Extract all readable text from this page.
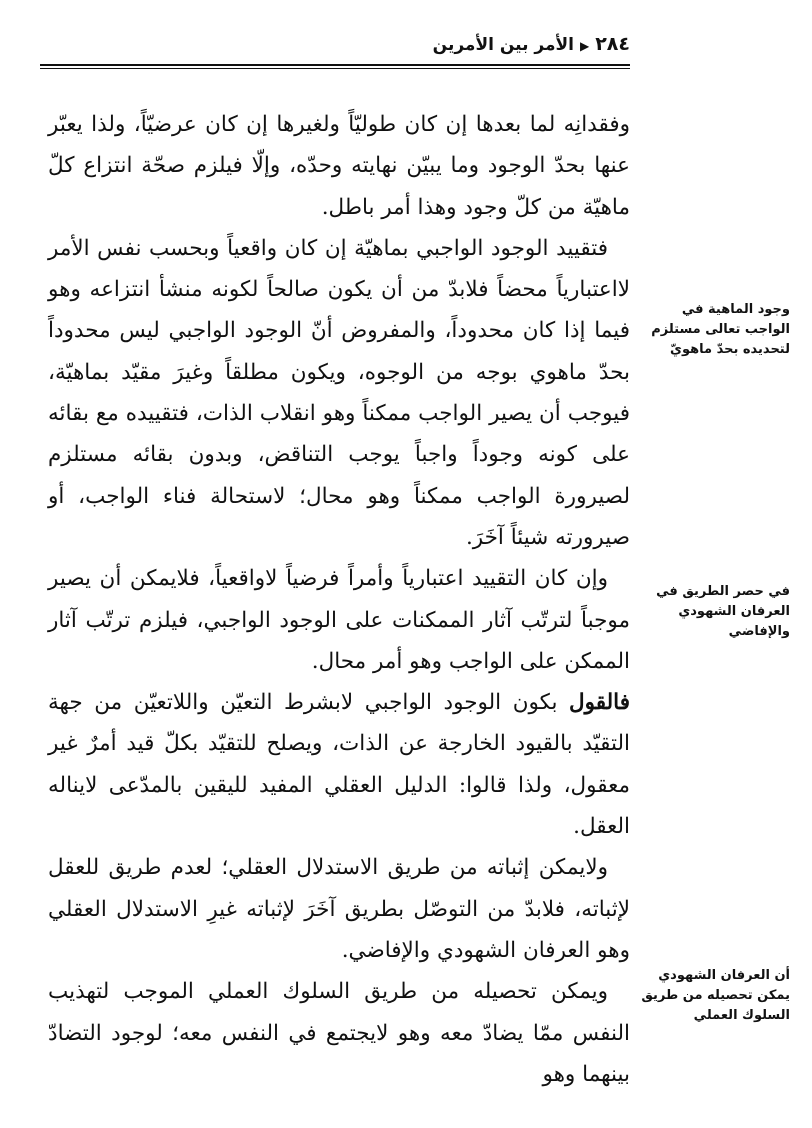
٢٨٤▶الأمر بين الأمرين

وفقدانِه لما بعدها إن كان طوليّاً ولغيرها إن كان عرضيّاً، ولذا يعبّر عنها بحدّ الوجود وما يبيّن نهايته وحدّه، وإلّا فيلزم صحّة انتزاع كلّ ماهيّة من كلّ وجود وهذا أمر باطل.

فتقييد الوجود الواجبي بماهيّة إن كان واقعياً وبحسب نفس الأمر لااعتبارياً محضاً فلابدّ من أن يكون صالحاً لكونه منشأ انتزاعه وهو فيما إذا كان محدوداً، والمفروض أنّ الوجود الواجبي ليس محدوداً بحدّ ماهوي بوجه من الوجوه، ويكون مطلقاً وغيرَ مقيّد بماهيّة، فيوجب أن يصير الواجب ممكناً وهو انقلاب الذات، فتقييده مع بقائه على كونه وجوداً واجباً يوجب التناقض، وبدون بقائه مستلزم لصيرورة الواجب ممكناً وهو محال؛ لاستحالة فناء الواجب، أو صيرورته شيئاً آخَرَ.

وإن كان التقييد اعتبارياً وأمراً فرضياً لاواقعياً، فلايمكن أن يصير موجباً لترتّب آثار الممكنات على الوجود الواجبي، فيلزم ترتّب آثار الممكن على الواجب وهو أمر محال.

فالقول بكون الوجود الواجبي لابشرط التعيّن واللاتعيّن من جهة التقيّد بالقيود الخارجة عن الذات، ويصلح للتقيّد بكلّ قيد أمرٌ غير معقول، ولذا قالوا: الدليل العقلي المفيد لليقين بالمدّعى لايناله العقل.

ولايمكن إثباته من طريق الاستدلال العقلي؛ لعدم طريق للعقل لإثباته، فلابدّ من التوصّل بطريق آخَرَ لإثباته غيرِ الاستدلال العقلي وهو العرفان الشهودي والإفاضي.

ويمكن تحصيله من طريق السلوك العملي الموجب لتهذيب النفس ممّا يضادّ معه وهو لايجتمع في النفس معه؛ لوجود التضادّ بينهما وهو

وجود الماهية في الواجب تعالى مستلزم لتحديده بحدّ ماهويّ
في حصر الطريق في العرفان الشهودي والإفاضي
أن العرفان الشهودي يمكن تحصيله من طريق السلوك العملي
